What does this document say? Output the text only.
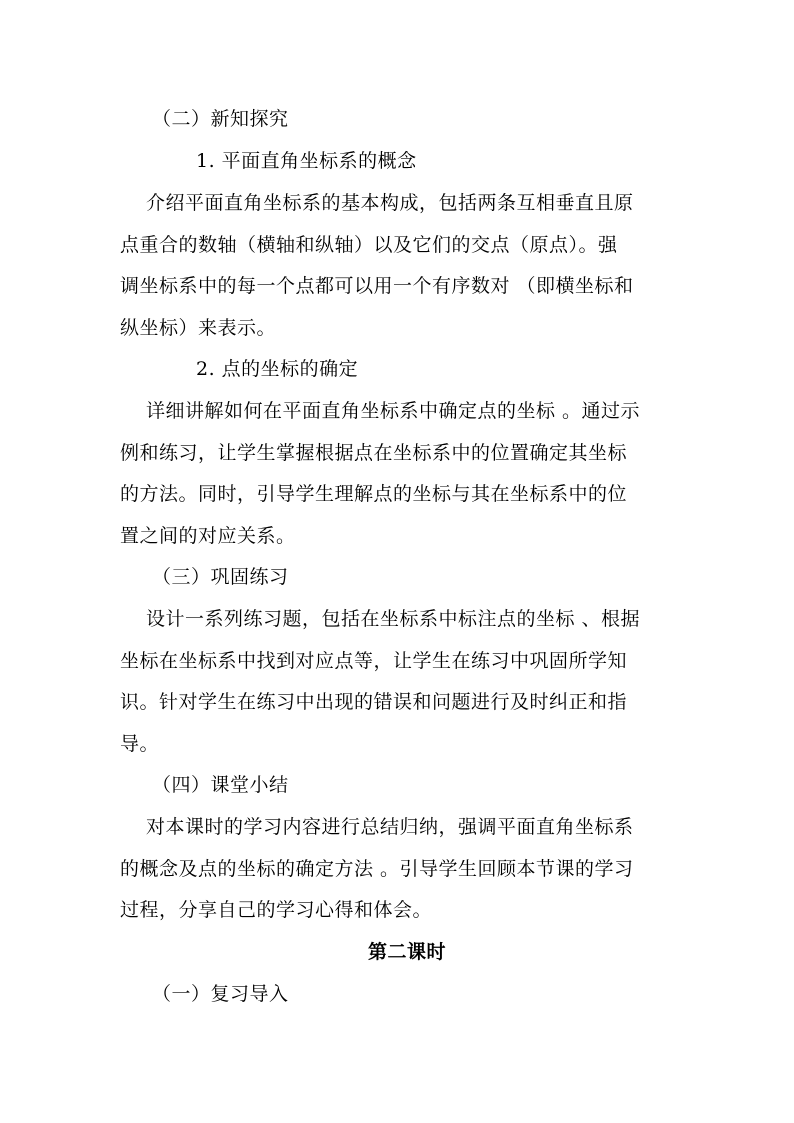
（二）新知探究
1. 平面直角坐标系的概念
介绍平面直角坐标系的基本构成，包括两条互相垂直且原
点重合的数轴（横轴和纵轴）以及它们的交点（原点）。强
调坐标系中的每一个点都可以用一个有序数对 （即横坐标和
纵坐标）来表示。
2. 点的坐标的确定
详细讲解如何在平面直角坐标系中确定点的坐标 。通过示
例和练习，让学生掌握根据点在坐标系中的位置确定其坐标
的方法。同时，引导学生理解点的坐标与其在坐标系中的位
置之间的对应关系。
（三）巩固练习
设计一系列练习题，包括在坐标系中标注点的坐标 、根据
坐标在坐标系中找到对应点等，让学生在练习中巩固所学知
识。针对学生在练习中出现的错误和问题进行及时纠正和指
导。
（四）课堂小结
对本课时的学习内容进行总结归纳，强调平面直角坐标系
的概念及点的坐标的确定方法 。引导学生回顾本节课的学习
过程，分享自己的学习心得和体会。
第二课时
（一）复习导入
